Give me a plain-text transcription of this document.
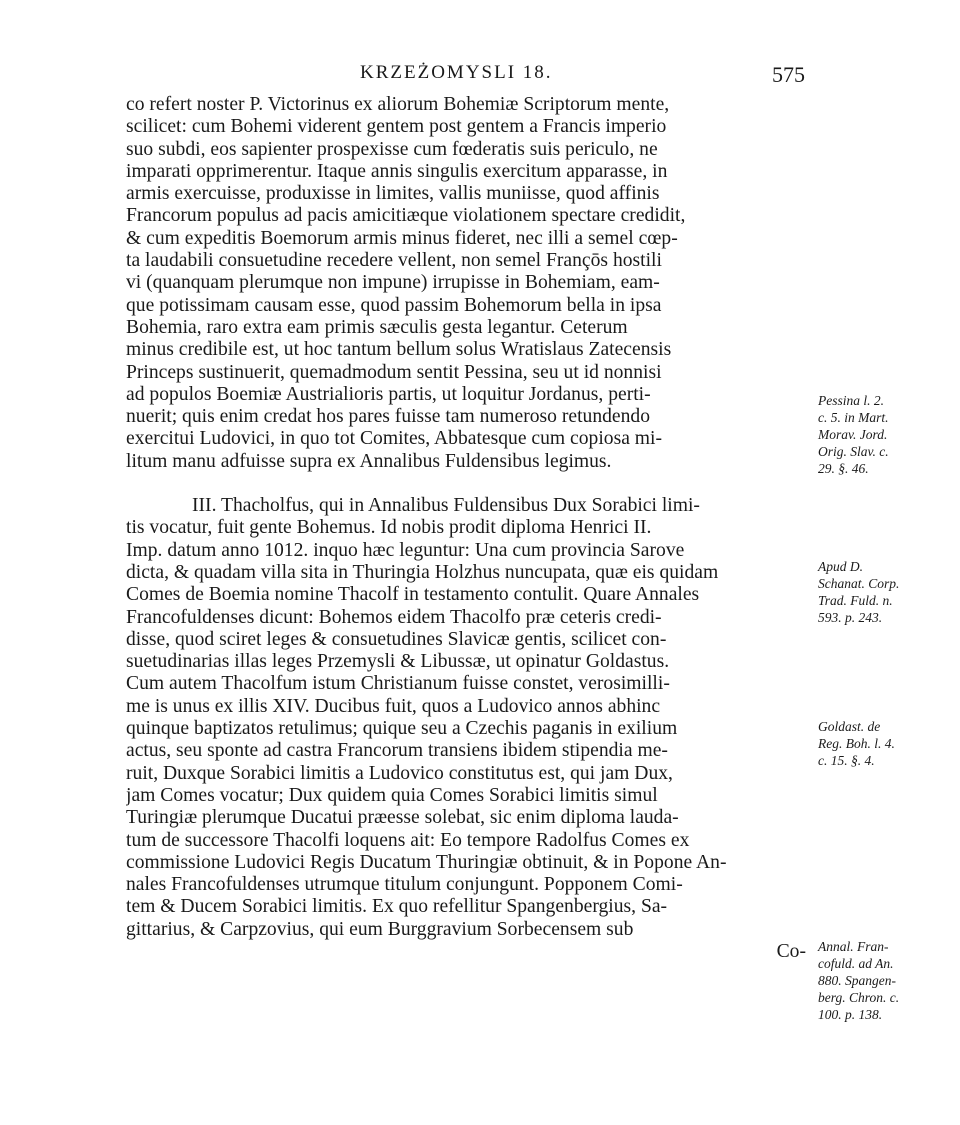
KRZEŻOMYSLI 18.	575
co refert noster P. Victorinus ex aliorum Bohemiæ Scriptorum mente,
scilicet: cum Bohemi viderent gentem post gentem a Francis imperio
suo subdi, eos sapienter prospexisse cum fœderatis suis periculo, ne
imparati opprimerentur. Itaque annis singulis exercitum apparasse, in
armis exercuisse, produxisse in limites, vallis muniisse, quod affinis
Francorum populus ad pacis amicitiæque violationem spectare credidit,
& cum expeditis Boemorum armis minus fideret, nec illi a semel cœp-
ta laudabili consuetudine recedere vellent, non semel Françōs hostili
vi (quanquam plerumque non impune) irrupisse in Bohemiam, eam-
que potissimam causam esse, quod passim Bohemorum bella in ipsa
Bohemia, raro extra eam primis sæculis gesta legantur. Ceterum
minus credibile est, ut hoc tantum bellum solus Wratislaus Zatecensis
Princeps sustinuerit, quemadmodum sentit Pessina, seu ut id nonnisi
ad populos Boemiæ Austrialioris partis, ut loquitur Jordanus, perti-
nuerit; quis enim credat hos pares fuisse tam numeroso retundendo
exercitui Ludovici, in quo tot Comites, Abbatesque cum copiosa mi-
litum manu adfuisse supra ex Annalibus Fuldensibus legimus.
III. Thacholfus, qui in Annalibus Fuldensibus Dux Sorabici limi-
tis vocatur, fuit gente Bohemus. Id nobis prodit diploma Henrici II.
Imp. datum anno 1012. inquo hæc leguntur: Una cum provincia Sarove
dicta, & quadam villa sita in Thuringia Holzhus nuncupata, quæ eis quidam
Comes de Boemia nomine Thacolf in testamento contulit. Quare Annales
Francofuldenses dicunt: Bohemos eidem Thacolfo præ ceteris credi-
disse, quod sciret leges & consuetudines Slavicæ gentis, scilicet con-
suetudinarias illas leges Przemysli & Libussæ, ut opinatur Goldastus.
Cum autem Thacolfum istum Christianum fuisse constet, verosimilli-
me is unus ex illis XIV. Ducibus fuit, quos a Ludovico annos abhinc
quinque baptizatos retulimus; quique seu a Czechis paganis in exilium
actus, seu sponte ad castra Francorum transiens ibidem stipendia me-
ruit, Duxque Sorabici limitis a Ludovico constitutus est, qui jam Dux,
jam Comes vocatur; Dux quidem quia Comes Sorabici limitis simul
Turingiæ plerumque Ducatui præesse solebat, sic enim diploma lauda-
tum de successore Thacolfi loquens ait: Eo tempore Radolfus Comes ex
commissione Ludovici Regis Ducatum Thuringiæ obtinuit, & in Popone An-
nales Francofuldenses utrumque titulum conjungunt. Popponem Comi-
tem & Ducem Sorabici limitis. Ex quo refellitur Spangenbergius, Sa-
gittarius, & Carpzovius, qui eum Burggravium Sorbecensem sub
Co-
Pessina l. 2.
c. 5. in Mart.
Morav. Jord.
Orig. Slav. c.
29. §. 46.
Apud D.
Schanat. Corp.
Trad. Fuld. n.
593. p. 243.
Goldast. de
Reg. Boh. l. 4.
c. 15. §. 4.
Annal. Fran-
cofuld. ad An.
880. Spangen-
berg. Chron. c.
100. p. 138.
